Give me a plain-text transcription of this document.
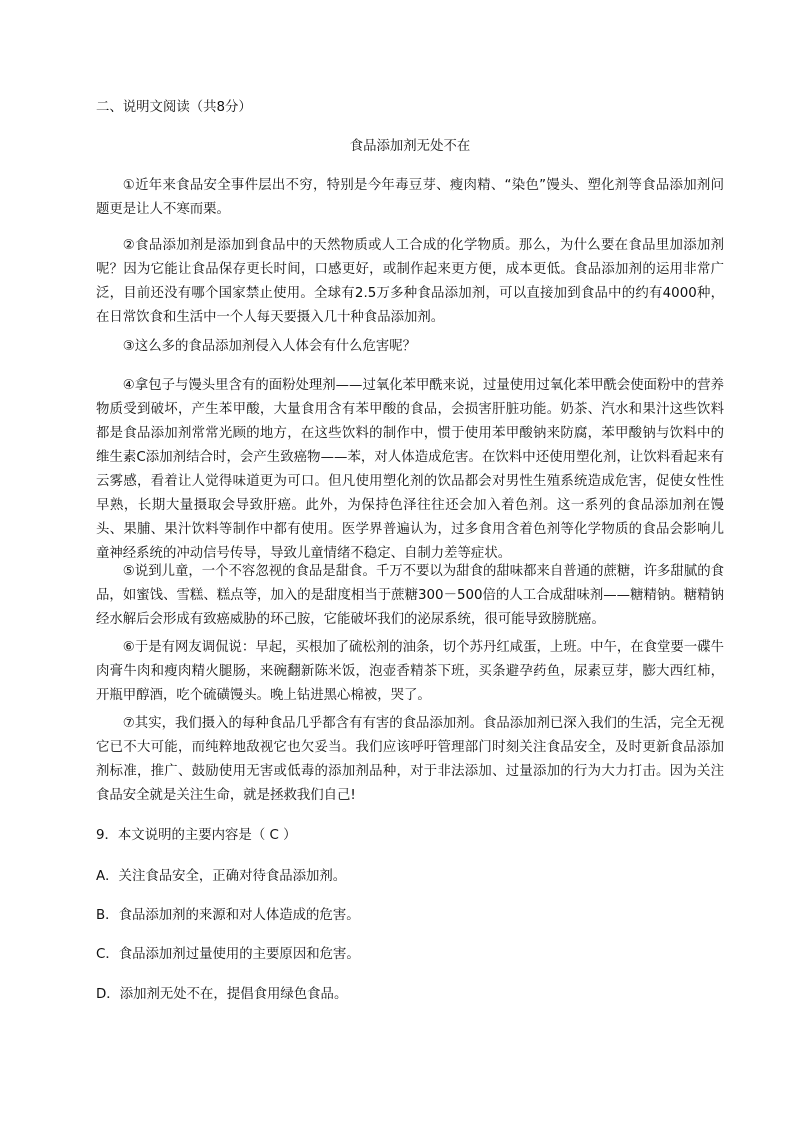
二、说明文阅读（共8分）
食品添加剂无处不在

①近年来食品安全事件层出不穷，特别是今年毒豆芽、瘦肉精、“染色”馒头、塑化剂等食品添加剂问题更是让人不寒而栗。

②食品添加剂是添加到食品中的天然物质或人工合成的化学物质。那么，为什么要在食品里加添加剂呢？因为它能让食品保存更长时间，口感更好，或制作起来更方便，成本更低。食品添加剂的运用非常广泛，目前还没有哪个国家禁止使用。全球有2.5万多种食品添加剂，可以直接加到食品中的约有4000种，在日常饮食和生活中一个人每天要摄入几十种食品添加剂。

③这么多的食品添加剂侵入人体会有什么危害呢？

④拿包子与馒头里含有的面粉处理剂——过氧化苯甲酰来说，过量使用过氧化苯甲酰会使面粉中的营养物质受到破坏，产生苯甲酸，大量食用含有苯甲酸的食品，会损害肝脏功能。奶茶、汽水和果汁这些饮料都是食品添加剂常常光顾的地方，在这些饮料的制作中，惯于使用苯甲酸钠来防腐，苯甲酸钠与饮料中的维生素C添加剂结合时，会产生致癌物——苯，对人体造成危害。在饮料中还使用塑化剂，让饮料看起来有云雾感，看着让人觉得味道更为可口。但凡使用塑化剂的饮品都会对男性生殖系统造成危害，促使女性性早熟，长期大量摄取会导致肝癌。此外，为保持色泽往往还会加入着色剂。这一系列的食品添加剂在馒头、果脯、果汁饮料等制作中都有使用。医学界普遍认为，过多食用含着色剂等化学物质的食品会影响儿童神经系统的冲动信号传导，导致儿童情绪不稳定、自制力差等症状。

⑤说到儿童，一个不容忽视的食品是甜食。千万不要以为甜食的甜味都来自普通的蔗糖，许多甜腻的食品，如蜜饯、雪糕、糕点等，加入的是甜度相当于蔗糖300－500倍的人工合成甜味剂——糖精钠。糖精钠经水解后会形成有致癌威胁的环己胺，它能破坏我们的泌尿系统，很可能导致膀胱癌。

⑥于是有网友调侃说：早起，买根加了硫松剂的油条，切个苏丹红咸蛋，上班。中午，在食堂要一碟牛肉膏牛肉和瘦肉精火腿肠，来碗翻新陈米饭，泡壶香精茶下班，买条避孕药鱼，尿素豆芽，膨大西红柿，开瓶甲醇酒，吃个硫磺馒头。晚上钻进黑心棉被，哭了。

⑦其实，我们摄入的每种食品几乎都含有有害的食品添加剂。食品添加剂已深入我们的生活，完全无视它已不大可能，而纯粹地敌视它也欠妥当。我们应该呼吁管理部门时刻关注食品安全，及时更新食品添加剂标准，推广、鼓励使用无害或低毒的添加剂品种，对于非法添加、过量添加的行为大力打击。因为关注食品安全就是关注生命，就是拯救我们自己!

9．本文说明的主要内容是（ C ）

A．关注食品安全，正确对待食品添加剂。

B．食品添加剂的来源和对人体造成的危害。

C．食品添加剂过量使用的主要原因和危害。

D．添加剂无处不在，提倡食用绿色食品。
